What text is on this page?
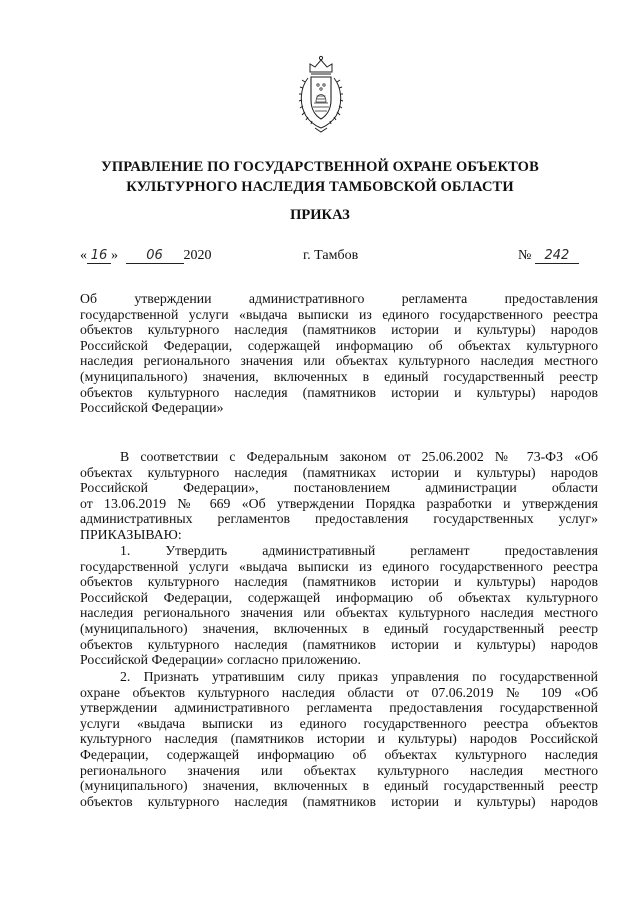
УПРАВЛЕНИЕ ПО ГОСУДАРСТВЕННОЙ ОХРАНЕ ОБЪЕКТОВ
КУЛЬТУРНОГО НАСЛЕДИЯ ТАМБОВСКОЙ ОБЛАСТИ
ПРИКАЗ
« 16 » 06 2020	г. Тамбов	№ 242
Об утверждении административного регламента предоставления
государственной услуги «выдача выписки из единого государственного реестра
объектов культурного наследия (памятников истории и культуры) народов
Российской Федерации, содержащей информацию об объектах культурного
наследия регионального значения или объектах культурного наследия местного
(муниципального) значения, включенных в единый государственный реестр
объектов культурного наследия (памятников истории и культуры) народов
Российской Федерации»
В соответствии с Федеральным законом от 25.06.2002 № 73-ФЗ «Об
объектах культурного наследия (памятниках истории и культуры) народов
Российской Федерации», постановлением администрации области
от 13.06.2019 № 669 «Об утверждении Порядка разработки и утверждения
административных регламентов предоставления государственных услуг»
ПРИКАЗЫВАЮ:
1. Утвердить административный регламент предоставления
государственной услуги «выдача выписки из единого государственного реестра
объектов культурного наследия (памятников истории и культуры) народов
Российской Федерации, содержащей информацию об объектах культурного
наследия регионального значения или объектах культурного наследия местного
(муниципального) значения, включенных в единый государственный реестр
объектов культурного наследия (памятников истории и культуры) народов
Российской Федерации» согласно приложению.
2. Признать утратившим силу приказ управления по государственной
охране объектов культурного наследия области от 07.06.2019 № 109 «Об
утверждении административного регламента предоставления государственной
услуги «выдача выписки из единого государственного реестра объектов
культурного наследия (памятников истории и культуры) народов Российской
Федерации, содержащей информацию об объектах культурного наследия
регионального значения или объектах культурного наследия местного
(муниципального) значения, включенных в единый государственный реестр
объектов культурного наследия (памятников истории и культуры) народов
